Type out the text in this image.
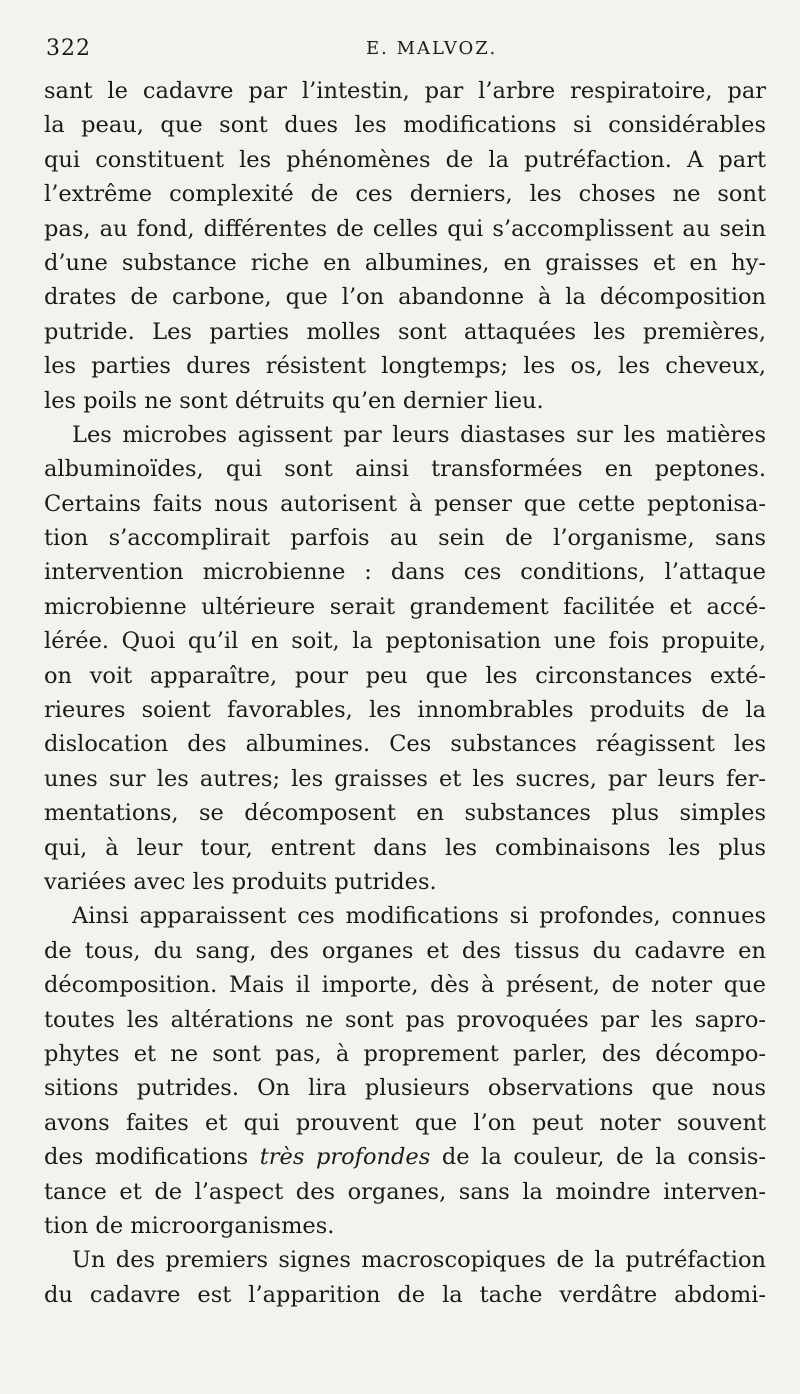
322	E. MALVOZ.
sant le cadavre par l’intestin, par l’arbre respiratoire, par
la peau, que sont dues les modifications si considérables
qui constituent les phénomènes de la putréfaction. A part
l’extrême complexité de ces derniers, les choses ne sont
pas, au fond, différentes de celles qui s’accomplissent au sein
d’une substance riche en albumines, en graisses et en hy-
drates de carbone, que l’on abandonne à la décomposition
putride. Les parties molles sont attaquées les premières,
les parties dures résistent longtemps; les os, les cheveux,
les poils ne sont détruits qu’en dernier lieu.
Les microbes agissent par leurs diastases sur les matières
albuminoïdes, qui sont ainsi transformées en peptones.
Certains faits nous autorisent à penser que cette peptonisa-
tion s’accomplirait parfois au sein de l’organisme, sans
intervention microbienne : dans ces conditions, l’attaque
microbienne ultérieure serait grandement facilitée et accé-
lérée. Quoi qu’il en soit, la peptonisation une fois propuite,
on voit apparaître, pour peu que les circonstances exté-
rieures soient favorables, les innombrables produits de la
dislocation des albumines. Ces substances réagissent les
unes sur les autres; les graisses et les sucres, par leurs fer-
mentations, se décomposent en substances plus simples
qui, à leur tour, entrent dans les combinaisons les plus
variées avec les produits putrides.
Ainsi apparaissent ces modifications si profondes, connues
de tous, du sang, des organes et des tissus du cadavre en
décomposition. Mais il importe, dès à présent, de noter que
toutes les altérations ne sont pas provoquées par les sapro-
phytes et ne sont pas, à proprement parler, des décompo-
sitions putrides. On lira plusieurs observations que nous
avons faites et qui prouvent que l’on peut noter souvent
des modifications très profondes de la couleur, de la consis-
tance et de l’aspect des organes, sans la moindre interven-
tion de microorganismes.
Un des premiers signes macroscopiques de la putréfaction
du cadavre est l’apparition de la tache verdâtre abdomi-
